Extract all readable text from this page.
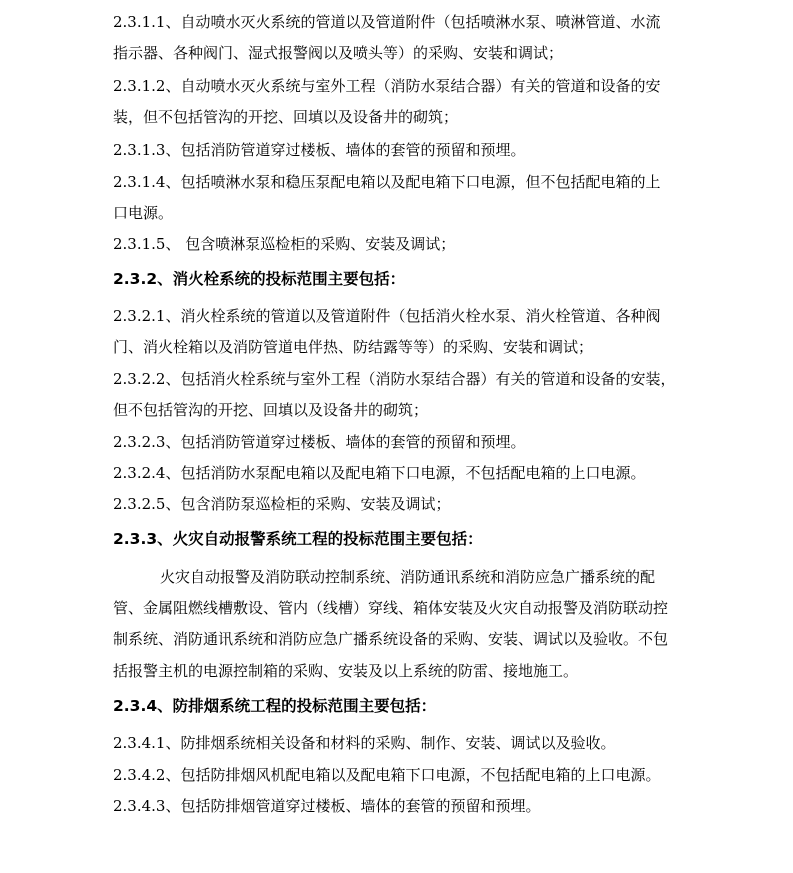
2.3.1.1、自动喷水灭火系统的管道以及管道附件（包括喷淋水泵、喷淋管道、水流
指示器、各种阀门、湿式报警阀以及喷头等）的采购、安装和调试；
2.3.1.2、自动喷水灭火系统与室外工程（消防水泵结合器）有关的管道和设备的安
装，但不包括管沟的开挖、回填以及设备井的砌筑；
2.3.1.3、包括消防管道穿过楼板、墙体的套管的预留和预埋。
2.3.1.4、包括喷淋水泵和稳压泵配电箱以及配电箱下口电源，但不包括配电箱的上
口电源。
2.3.1.5、 包含喷淋泵巡检柜的采购、安装及调试；
2.3.2、消火栓系统的投标范围主要包括：
2.3.2.1、消火栓系统的管道以及管道附件（包括消火栓水泵、消火栓管道、各种阀
门、消火栓箱以及消防管道电伴热、防结露等等）的采购、安装和调试；
2.3.2.2、包括消火栓系统与室外工程（消防水泵结合器）有关的管道和设备的安装，
但不包括管沟的开挖、回填以及设备井的砌筑；
2.3.2.3、包括消防管道穿过楼板、墙体的套管的预留和预埋。
2.3.2.4、包括消防水泵配电箱以及配电箱下口电源，不包括配电箱的上口电源。
2.3.2.5、包含消防泵巡检柜的采购、安装及调试；
2.3.3、火灾自动报警系统工程的投标范围主要包括：
火灾自动报警及消防联动控制系统、消防通讯系统和消防应急广播系统的配
管、金属阻燃线槽敷设、管内（线槽）穿线、箱体安装及火灾自动报警及消防联动控
制系统、消防通讯系统和消防应急广播系统设备的采购、安装、调试以及验收。不包
括报警主机的电源控制箱的采购、安装及以上系统的防雷、接地施工。
2.3.4、防排烟系统工程的投标范围主要包括：
2.3.4.1、防排烟系统相关设备和材料的采购、制作、安装、调试以及验收。
2.3.4.2、包括防排烟风机配电箱以及配电箱下口电源，不包括配电箱的上口电源。
2.3.4.3、包括防排烟管道穿过楼板、墙体的套管的预留和预埋。
